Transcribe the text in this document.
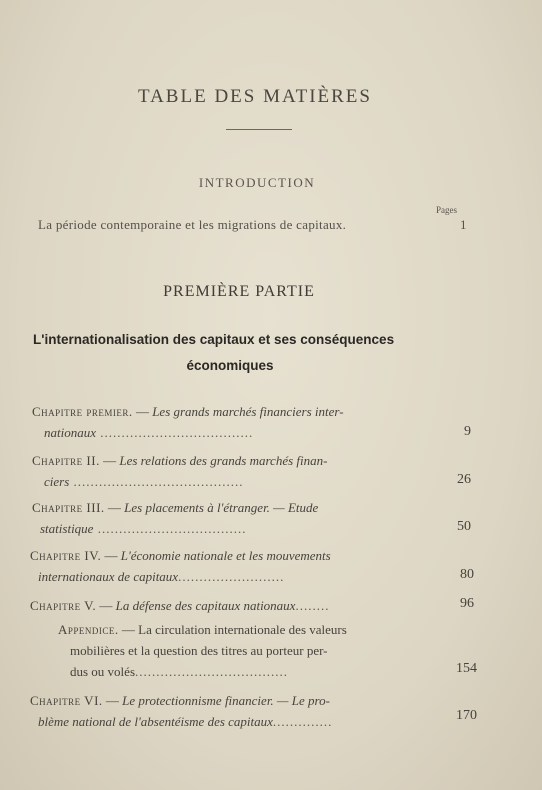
TABLE DES MATIÈRES
INTRODUCTION
Pages
La période contemporaine et les migrations de capitaux.	1
PREMIÈRE PARTIE
L'internationalisation des capitaux et ses conséquences
économiques
Chapitre premier. — Les grands marchés financiers inter-
nationaux ....................................	9
Chapitre II. — Les relations des grands marchés finan-
ciers ........................................	26
Chapitre III. — Les placements à l'étranger. — Etude
statistique ...................................	50
Chapitre IV. — L'économie nationale et les mouvements
internationaux de capitaux.........................	80
Chapitre V. — La défense des capitaux nationaux........	96
Appendice. — La circulation internationale des valeurs
mobilières et la question des titres au porteur per-
dus ou volés....................................	154
Chapitre VI. — Le protectionnisme financier. — Le pro-
blème national de l'absentéisme des capitaux..............	170
